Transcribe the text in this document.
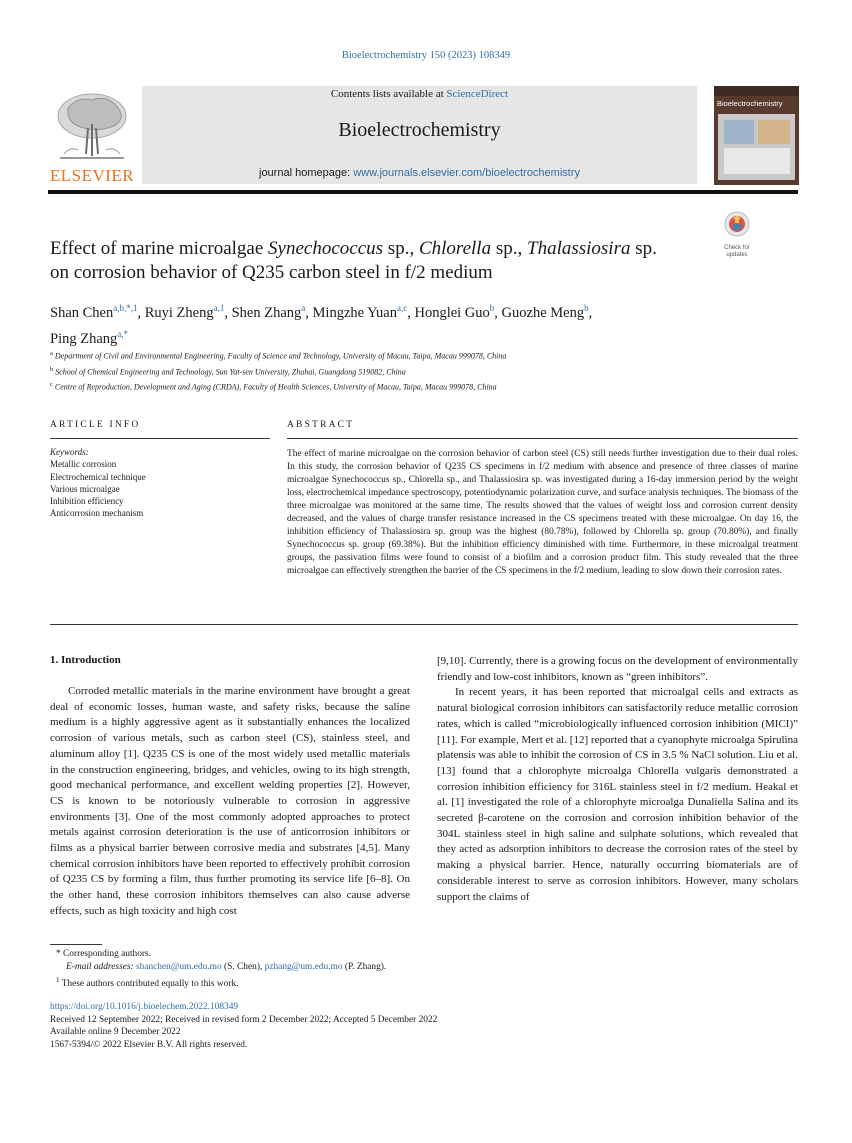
Bioelectrochemistry 150 (2023) 108349
ELSEVIER
Contents lists available at ScienceDirect
Bioelectrochemistry
journal homepage: www.journals.elsevier.com/bioelectrochemistry
Bioelectrochemistry
Check for updates
Effect of marine microalgae Synechococcus sp., Chlorella sp., Thalassiosira sp.
on corrosion behavior of Q235 carbon steel in f/2 medium
Shan Chen$^{a,b,*,1}$, Ruyi Zheng$^{a,1}$, Shen Zhang$^a$, Mingzhe Yuan$^{a,c}$, Honglei Guo$^b$, Guozhe Meng$^b$,
Ping Zhang$^{a,*}$
$^a$ Department of Civil and Environmental Engineering, Faculty of Science and Technology, University of Macau, Taipa, Macau 999078, China
$^b$ School of Chemical Engineering and Technology, Sun Yat-sen University, Zhuhai, Guangdong 519082, China
$^c$ Centre of Reproduction, Development and Aging (CRDA), Faculty of Health Sciences, University of Macau, Taipa, Macau 999078, China
ARTICLE INFO	ABSTRACT
Keywords:
Metallic corrosion
Electrochemical technique
Various microalgae
Inhibition efficiency
Anticorrosion mechanism

The effect of marine microalgae on the corrosion behavior of carbon steel (CS) still needs further investigation due to their dual roles. In this study, the corrosion behavior of Q235 CS specimens in f/2 medium with absence and presence of three classes of marine microalgae Synechococcus sp., Chlorella sp., and Thalassiosira sp. was investigated during a 16-day immersion period by the weight loss, electrochemical impedance spectroscopy, potentiodynamic polarization curve, and surface analysis techniques. The biomass of the three microalgae was monitored at the same time. The results showed that the values of weight loss and corrosion current density decreased, and the values of charge transfer resistance increased in the CS specimens treated with these microalgae. On day 16, the inhibition efficiency of Thalassiosira sp. group was the highest (80.78%), followed by Chlorella sp. group (70.80%), and finally Synechococcus sp. group (69.38%). But the inhibition efficiency diminished with time. Furthermore, in these microalgal treatment groups, the passivation films were found to consist of a biofilm and a corrosion product film. This study revealed that the three microalgae can effectively strengthen the barrier of the CS specimens in the f/2 medium, leading to slow down their corrosion rates.

1. Introduction

Corroded metallic materials in the marine environment have brought a great deal of economic losses, human waste, and safety risks, because the saline medium is a highly aggressive agent as it substantially enhances the localized corrosion of various metals, such as carbon steel (CS), stainless steel, and aluminum alloy [1]. Q235 CS is one of the most widely used metallic materials in the construction engineering, bridges, and vehicles, owing to its high strength, good mechanical performance, and excellent welding properties [2]. However, CS is known to be notoriously vulnerable to corrosion in aggressive environments [3]. One of the most commonly adopted approaches to protect metals against corrosion deterioration is the use of anticorrosion inhibitors or films as a physical barrier between corrosive media and substrates [4,5]. Many chemical corrosion inhibitors have been reported to effectively prohibit corrosion of Q235 CS by forming a film, thus further promoting its service life [6–8]. On the other hand, these corrosion inhibitors themselves can also cause adverse effects, such as high toxicity and high cost

[9,10]. Currently, there is a growing focus on the development of environmentally friendly and low-cost inhibitors, known as “green inhibitors”.

In recent years, it has been reported that microalgal cells and extracts as natural biological corrosion inhibitors can satisfactorily reduce metallic corrosion rates, which is called “microbiologically influenced corrosion inhibition (MICI)” [11]. For example, Mert et al. [12] reported that a cyanophyte microalga Spirulina platensis was able to inhibit the corrosion of CS in 3.5 % NaCl solution. Liu et al. [13] found that a chlorophyte microalga Chlorella vulgaris demonstrated a corrosion inhibition efficiency for 316L stainless steel in f/2 medium. Heakal et al. [1] investigated the role of a chlorophyte microalga Dunaliella Salina and its secreted β-carotene on the corrosion and corrosion inhibition behavior of the 304L stainless steel in high saline and sulphate solutions, which revealed that they acted as adsorption inhibitors to decrease the corrosion rates of the steel by making a physical barrier. Hence, naturally occurring biomaterials are of considerable interest to serve as corrosion inhibitors. However, many scholars support the claims of

* Corresponding authors.
E-mail addresses: shanchen@um.edu.mo (S. Chen), pzhang@um.edu.mo (P. Zhang).
$^1$ These authors contributed equally to this work.
https://doi.org/10.1016/j.bioelechem.2022.108349
Received 12 September 2022; Received in revised form 2 December 2022; Accepted 5 December 2022
Available online 9 December 2022
1567-5394/© 2022 Elsevier B.V. All rights reserved.
